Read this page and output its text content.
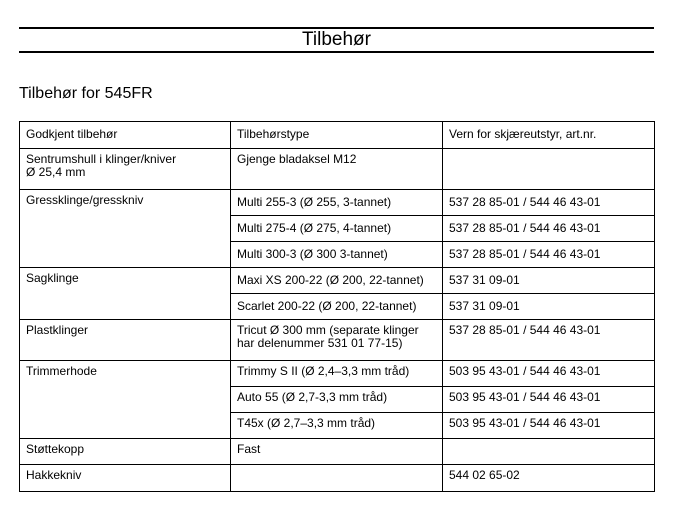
Tilbehør
Tilbehør for 545FR
Godkjent tilbehør	Tilbehørstype	Vern for skjæreutstyr, art.nr.

Sentrumshull i klinger/kniver
Ø 25,4 mm	Gjenge bladaksel M12	

Gressklinge/gresskniv	Multi 255-3 (Ø 255, 3-tannet)	537 28 85-01 / 544 46 43-01

	Multi 275-4 (Ø 275, 4-tannet)	537 28 85-01 / 544 46 43-01

	Multi 300-3 (Ø 300 3-tannet)	537 28 85-01 / 544 46 43-01

Sagklinge	Maxi XS 200-22 (Ø 200, 22-tannet)	537 31 09-01

	Scarlet 200-22 (Ø 200, 22-tannet)	537 31 09-01

Plastklinger	Tricut Ø 300 mm (separate klinger
har delenummer 531 01 77-15)	537 28 85-01 / 544 46 43-01

Trimmerhode	Trimmy S II (Ø 2,4–3,3 mm tråd)	503 95 43-01 / 544 46 43-01

	Auto 55 (Ø 2,7-3,3 mm tråd)	503 95 43-01 / 544 46 43-01

	T45x (Ø 2,7–3,3 mm tråd)	503 95 43-01 / 544 46 43-01

Støttekopp	Fast	

Hakkekniv		544 02 65-02
